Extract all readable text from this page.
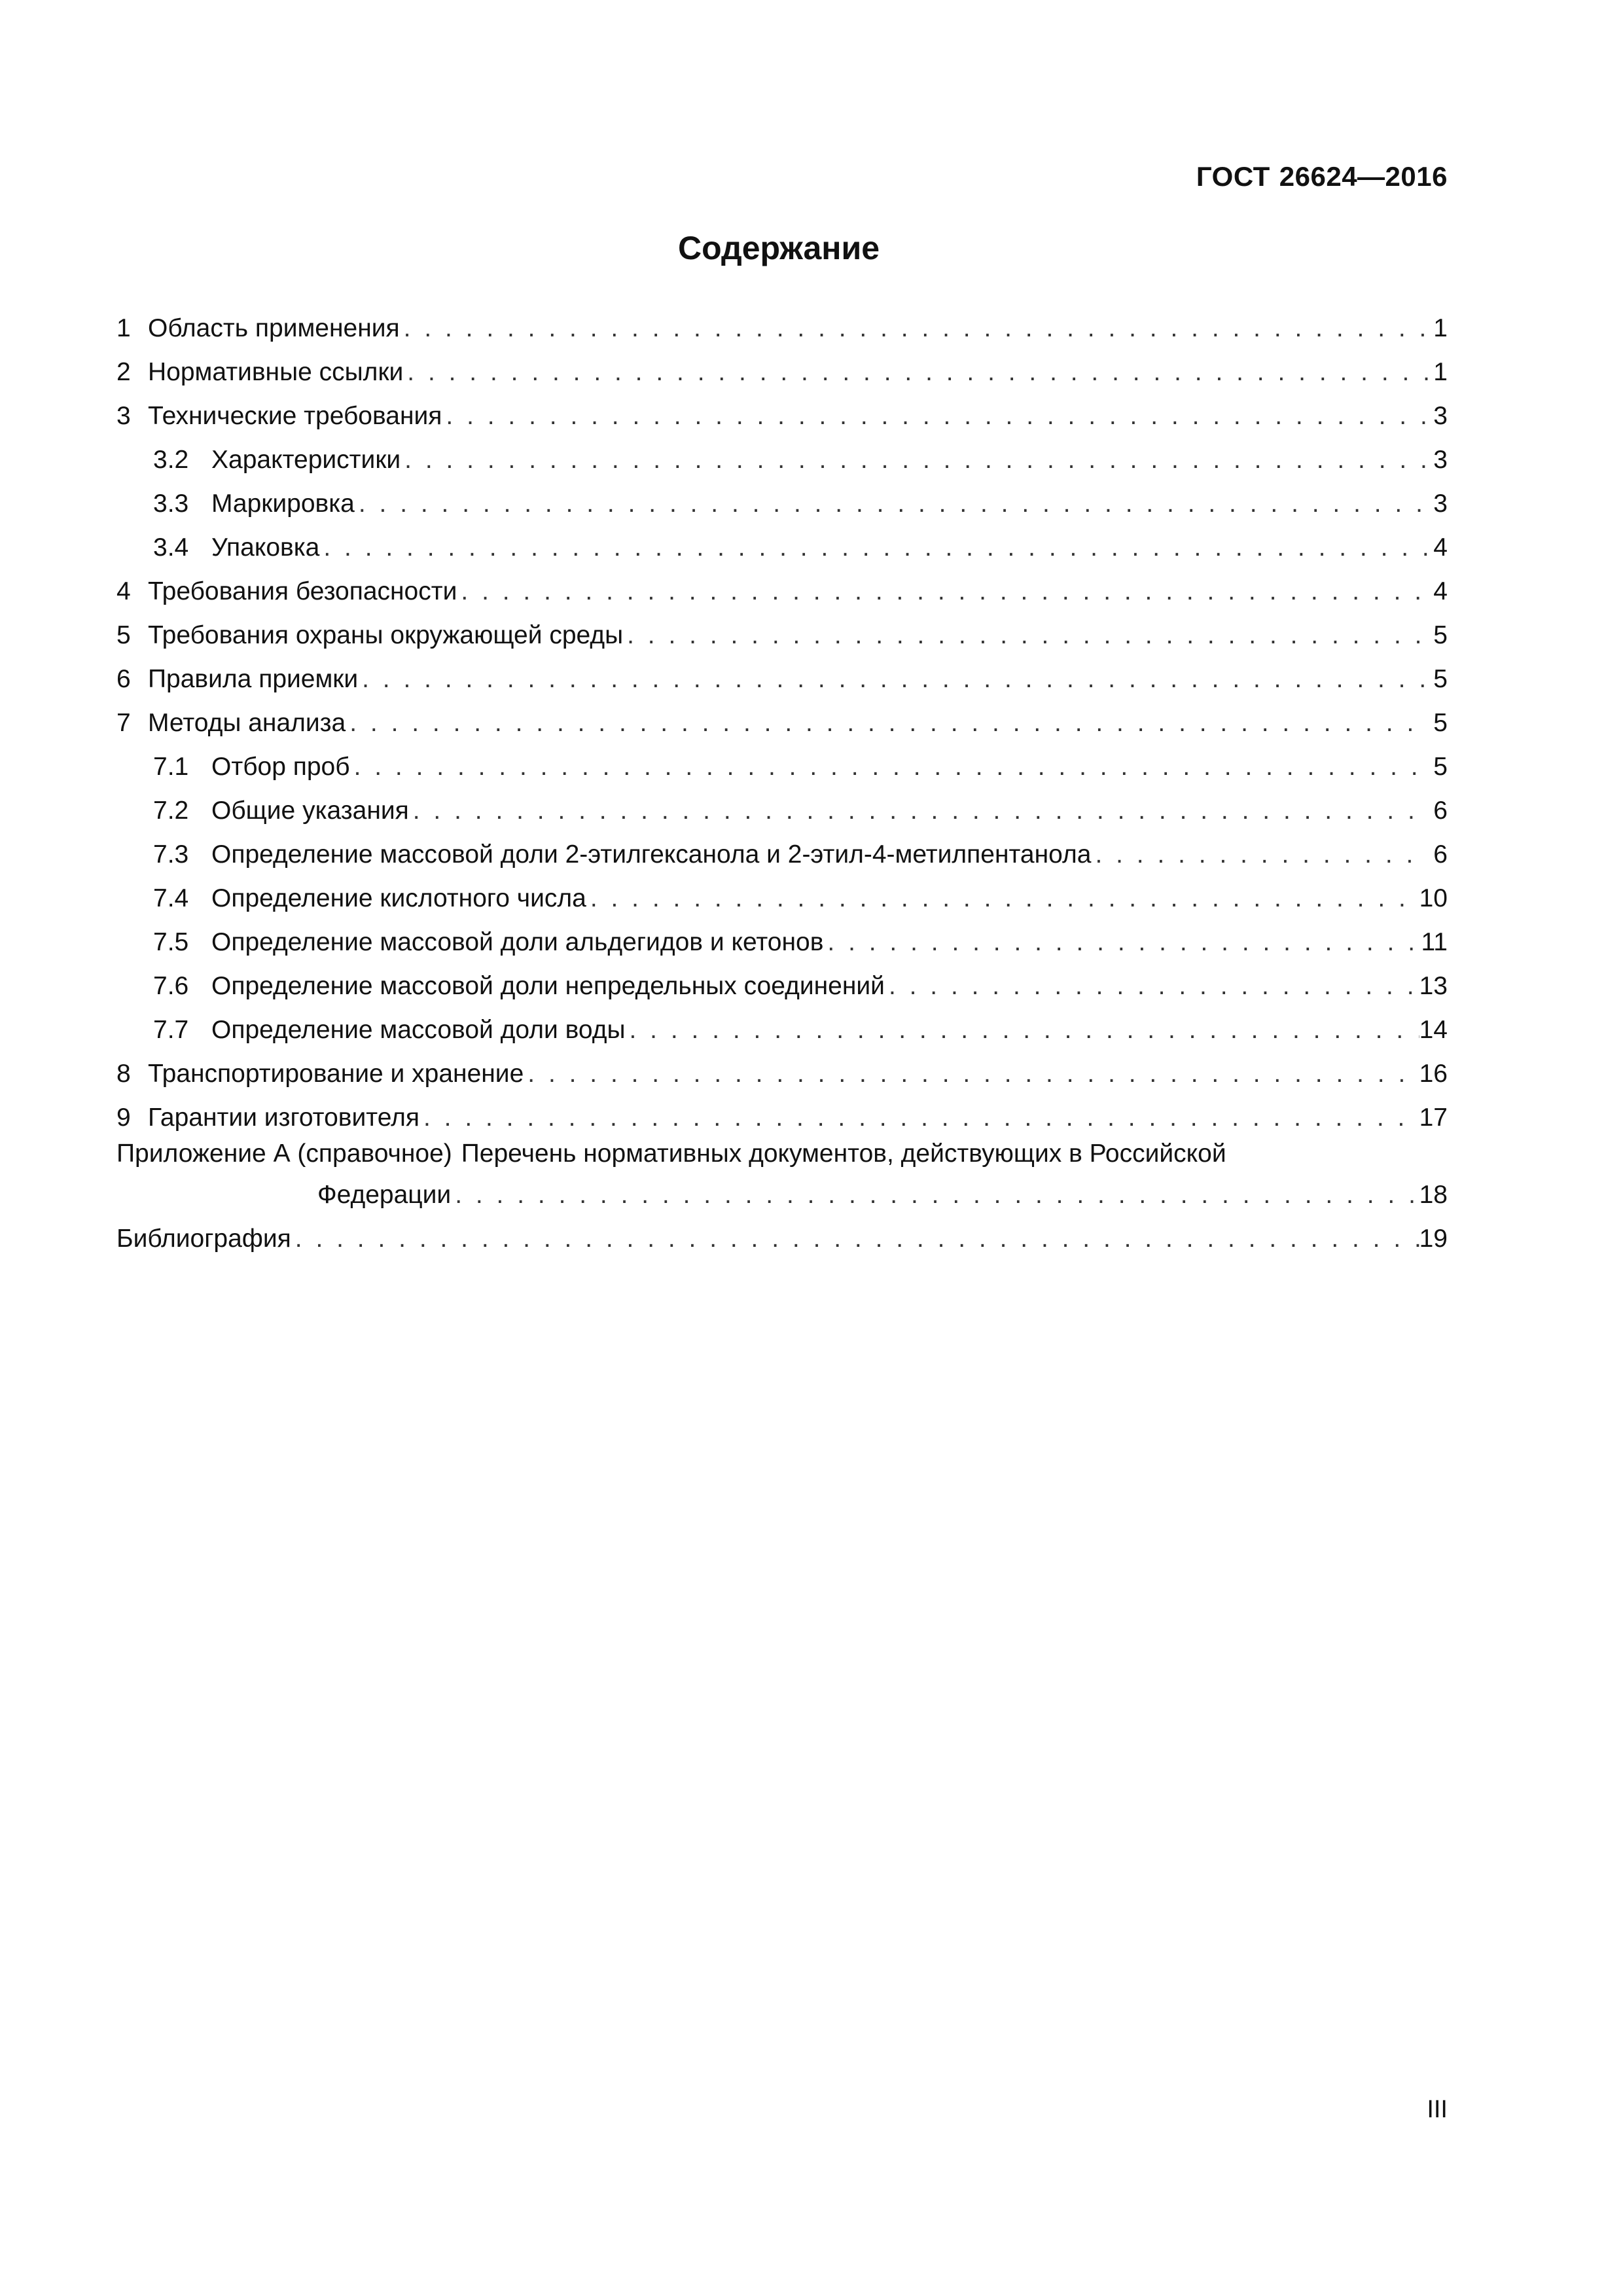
ГОСТ 26624—2016
Содержание
1 Область применения . . .	1
2 Нормативные ссылки . . .	1
3 Технические требования . . .	3
3.2 Характеристики . . .	3
3.3 Маркировка . . .	3
3.4 Упаковка . . .	4
4 Требования безопасности . . .	4
5 Требования охраны окружающей среды . . .	5
6 Правила приемки . . .	5
7 Методы анализа . . .	5
7.1 Отбор проб . . .	5
7.2 Общие указания . . .	6
7.3 Определение массовой доли 2-этилгексанола и 2-этил-4-метилпентанола . . .	6
7.4 Определение кислотного числа . . .	10
7.5 Определение массовой доли альдегидов и кетонов . . .	11
7.6 Определение массовой доли непредельных соединений . . .	13
7.7 Определение массовой доли воды . . .	14
8 Транспортирование и хранение . . .	16
9 Гарантии изготовителя . . .	17
Приложение А (справочное) Перечень нормативных документов, действующих в Российской
Федерации . . .	18
Библиография . . .	19
III
